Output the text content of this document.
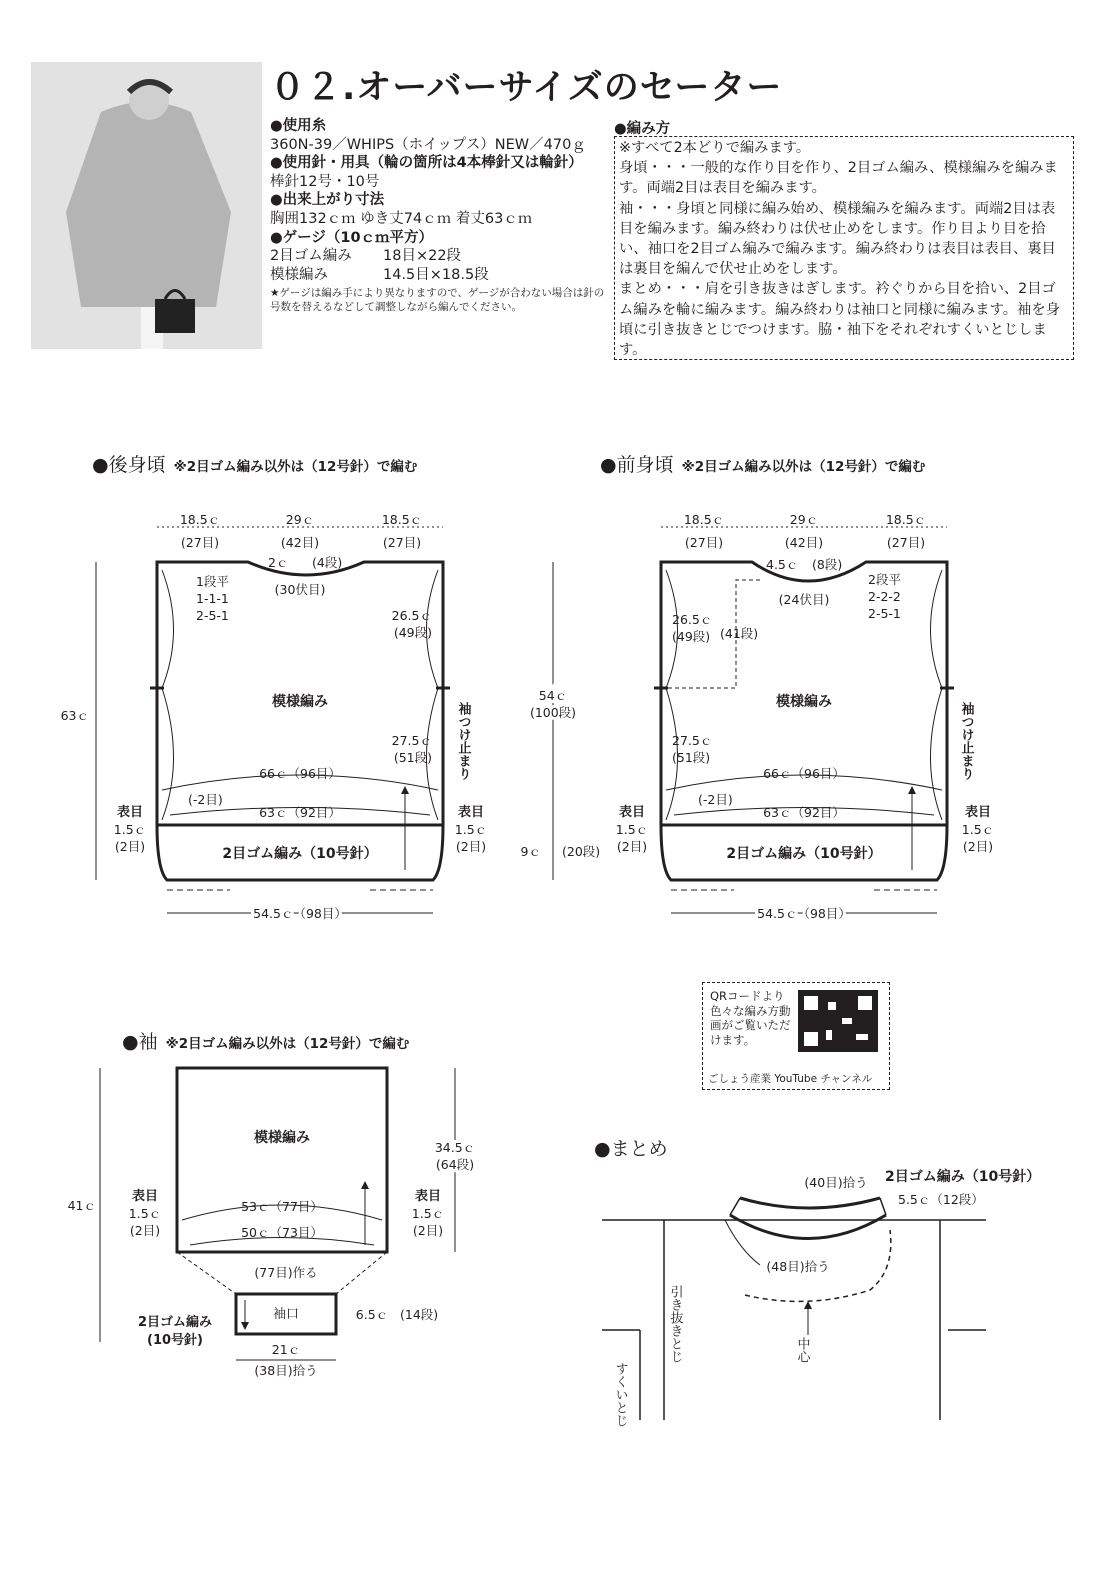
０２.オーバーサイズのセーター
●使用糸
360N-39／WHIPS（ホイップス）NEW／470ｇ
●使用針・用具（輪の箇所は4本棒針又は輪針）
棒針12号・10号
●出来上がり寸法
胸囲132ｃｍ ゆき丈74ｃｍ 着丈63ｃｍ
●ゲージ（10ｃｍ平方）
2目ゴム編み	18目×22段
模様編み	14.5目×18.5段
★ゲージは編み手により異なりますので、ゲージが合わない場合は針の号数を替えるなどして調整しながら編んでください。
●編み方

※すべて2本どりで編みます。

身頃・・・一般的な作り目を作り、2目ゴム編み、模様編みを編みます。両端2目は表目を編みます。

袖・・・身頃と同様に編み始め、模様編みを編みます。両端2目は表目を編みます。編み終わりは伏せ止めをします。作り目より目を拾い、袖口を2目ゴム編みで編みます。編み終わりは表目は表目、裏目は裏目を編んで伏せ止めをします。

まとめ・・・肩を引き抜きはぎします。衿ぐりから目を拾い、2目ゴム編みを輪に編みます。編み終わりは袖口と同様に編みます。袖を身頃に引き抜きとじでつけます。脇・袖下をそれぞれすくいとじします。

●後身頃 ※2目ゴム編み以外は（12号針）で編む	●前身頃 ※2目ゴム編み以外は（12号針）で編む
●袖 ※2目ゴム編み以外は（12号針）で編む
●まとめ
18.5ｃ	29ｃ	18.5ｃ
(27目)	(42目)	(27目)
2ｃ (4段)
(30伏目)
1段平
1-1-1
2-5-1	26.5ｃ
(49段)
模様編み
27.5ｃ
(51段)
66ｃ（96目）
(-2目)
63ｃ（92目）
2目ゴム編み（10号針）
63ｃ
表目
1.5ｃ
(2目)
表目
1.5ｃ
(2目)
54.5ｃ（98目）
袖つけ止まり
18.5ｃ	29ｃ	18.5ｃ
(27目)	(42目)	(27目)
4.5ｃ (8段)
(24伏目)
2段平
2-2-2
2-5-1
26.5ｃ
(49段) (41段)
模様編み
27.5ｃ
(51段)
66ｃ（96目）
(-2目)
63ｃ（92目）
2目ゴム編み（10号針）
54ｃ
(100段)
9ｃ (20段)
表目
1.5ｃ
(2目)
表目
1.5ｃ
(2目)
54.5ｃ（98目）
袖つけ止まり
模様編み
34.5ｃ
(64段)
41ｃ	53ｃ（77目）
50ｃ（73目）
表目
1.5ｃ
(2目)
表目
1.5ｃ
(2目)
(77目)作る
袖口
2目ゴム編み
(10号針)
6.5ｃ (14段)
21ｃ
(38目)拾う
(40目)拾う 2目ゴム編み（10号針）
5.5ｃ（12段）
(48目)拾う
引き抜きとじ
すくいとじ
中心
QRコードより色々な編み方動画がご覧いただけます。
ごしょう産業 YouTube チャンネル
